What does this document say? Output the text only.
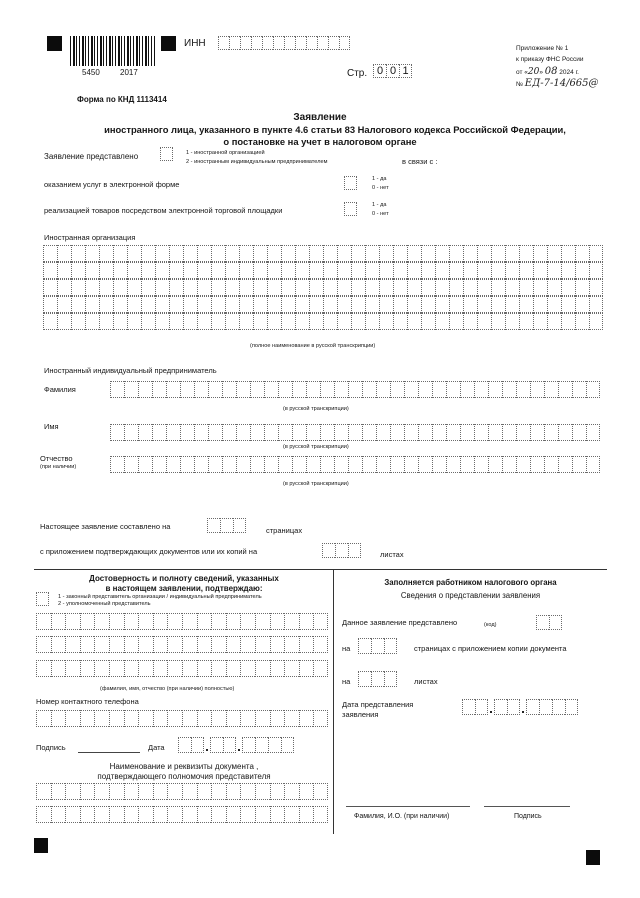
5450	2017
ИНН
Стр. 0 0 1
Приложение № 1
к приказу ФНС России
от «20» 08 2024 г.
№ ЕД-7-14/665@
Форма по КНД 1113414
Заявление
иностранного лица, указанного в пункте 4.6 статьи 83 Налогового кодекса Российской Федерации,
о постановке на учет в налоговом органе
Заявление представлено	1 - иностранной организацией
2 - иностранным индивидуальным предпринимателем	в связи с :
оказанием услуг в электронной форме
1 - да
0 - нет
реализацией товаров посредством электронной торговой площадки
1 - да
0 - нет
Иностранная организация
(полное наименование в русской транскрипции)
Иностранный индивидуальный предприниматель
Фамилия
(в русской транскрипции)
Имя
(в русской транскрипции)
Отчество
(при наличии)
(в русской транскрипции)
Настоящее заявление составлено на	страницах
с приложением подтверждающих документов или их копий на	листах
Достоверность и полноту сведений, указанных
в настоящем заявлении, подтверждаю:
1 - законный представитель организации / индивидуальный предприниматель
2 - уполномоченный представитель
(фамилия, имя, отчество (при наличии) полностью)
Номер контактного телефона
Подпись	Дата
Наименование и реквизиты документа ,
подтверждающего полномочия представителя
Заполняется работником налогового органа
Сведения о представлении заявления
Данное заявление представлено	(код)
на	страницах с приложением копии документа
на	листах
Дата представления
заявления
Фамилия, И.О. (при наличии)	Подпись
